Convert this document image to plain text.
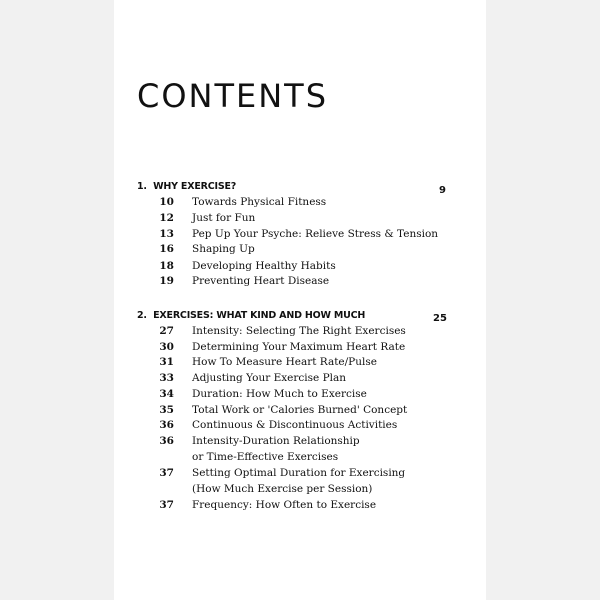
CONTENTS
1. WHY EXERCISE?	9
10 Towards Physical Fitness
12 Just for Fun
13 Pep Up Your Psyche: Relieve Stress & Tension
16 Shaping Up
18 Developing Healthy Habits
19 Preventing Heart Disease
2. EXERCISES: WHAT KIND AND HOW MUCH	25
27 Intensity: Selecting The Right Exercises
30 Determining Your Maximum Heart Rate
31 How To Measure Heart Rate/Pulse
33 Adjusting Your Exercise Plan
34 Duration: How Much to Exercise
35 Total Work or 'Calories Burned' Concept
36 Continuous & Discontinuous Activities
36 Intensity-Duration Relationship
or Time-Effective Exercises
37 Setting Optimal Duration for Exercising
(How Much Exercise per Session)
37 Frequency: How Often to Exercise
